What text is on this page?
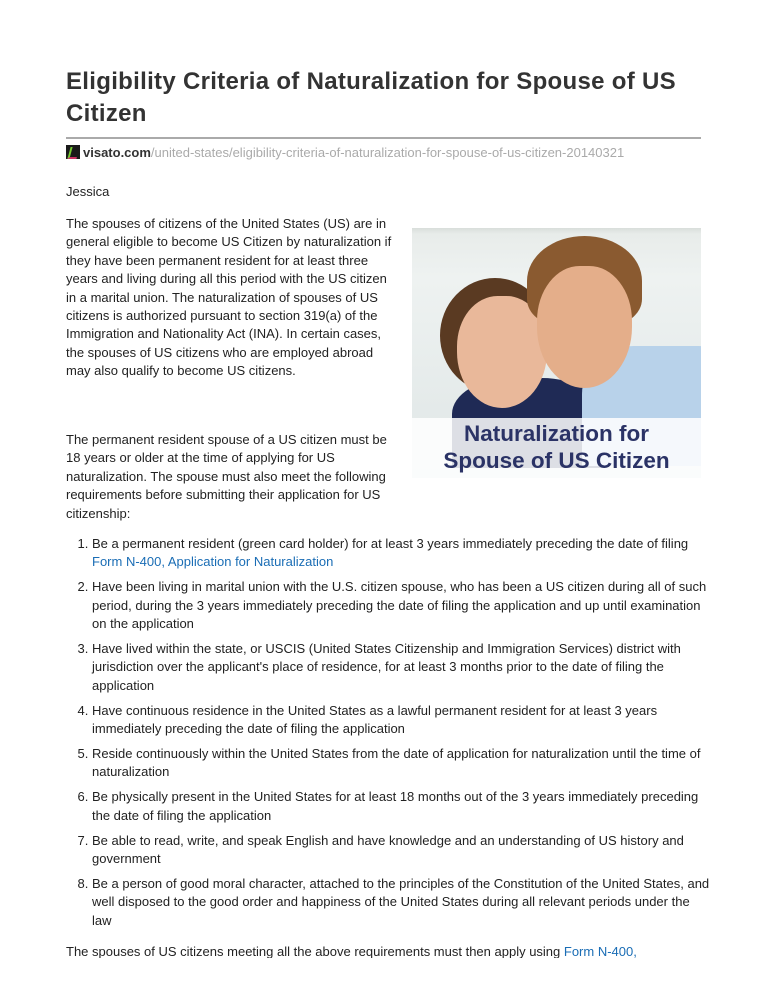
Eligibility Criteria of Naturalization for Spouse of US Citizen
visato.com/united-states/eligibility-criteria-of-naturalization-for-spouse-of-us-citizen-20140321
Jessica

The spouses of citizens of the United States (US) are in general eligible to become US Citizen by naturalization if they have been permanent resident for at least three years and living during all this period with the US citizen in a marital union. The naturalization of spouses of US citizens is authorized pursuant to section 319(a) of the Immigration and Nationality Act (INA). In certain cases, the spouses of US citizens who are employed abroad may also qualify to become US citizens.

Naturalization for
Spouse of US Citizen

The permanent resident spouse of a US citizen must be 18 years or older at the time of applying for US naturalization. The spouse must also meet the following requirements before submitting their application for US citizenship:

1. Be a permanent resident (green card holder) for at least 3 years immediately preceding the date of filing Form N-400, Application for Naturalization
2. Have been living in marital union with the U.S. citizen spouse, who has been a US citizen during all of such period, during the 3 years immediately preceding the date of filing the application and up until examination on the application
3. Have lived within the state, or USCIS (United States Citizenship and Immigration Services) district with jurisdiction over the applicant's place of residence, for at least 3 months prior to the date of filing the application
4. Have continuous residence in the United States as a lawful permanent resident for at least 3 years immediately preceding the date of filing the application
5. Reside continuously within the United States from the date of application for naturalization until the time of naturalization
6. Be physically present in the United States for at least 18 months out of the 3 years immediately preceding the date of filing the application
7. Be able to read, write, and speak English and have knowledge and an understanding of US history and government
8. Be a person of good moral character, attached to the principles of the Constitution of the United States, and well disposed to the good order and happiness of the United States during all relevant periods under the law

The spouses of US citizens meeting all the above requirements must then apply using Form N-400,
